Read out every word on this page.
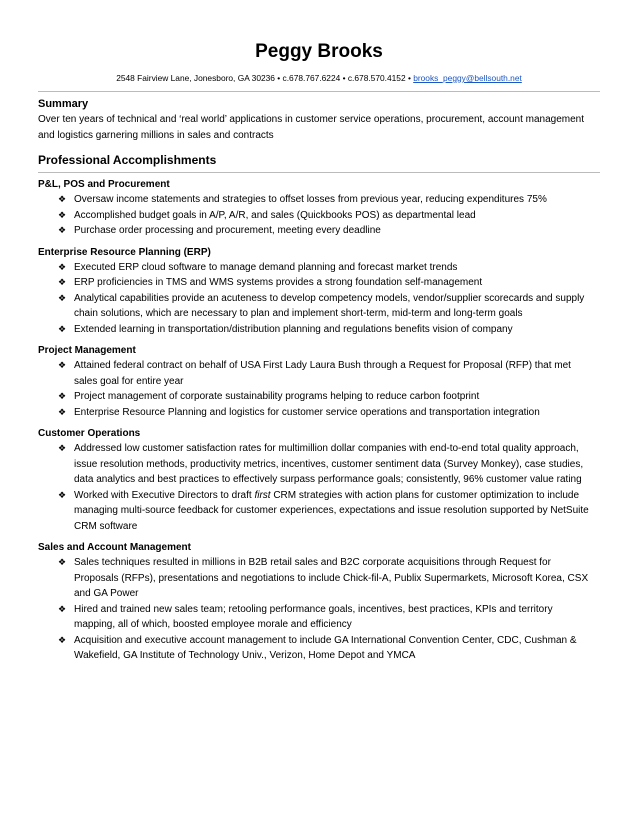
Peggy Brooks
2548 Fairview Lane, Jonesboro, GA 30236 • c.678.767.6224 • c.678.570.4152 • brooks_peggy@bellsouth.net
Summary
Over ten years of technical and ‘real world’ applications in customer service operations, procurement, account management and logistics garnering millions in sales and contracts
Professional Accomplishments
P&L, POS and Procurement
❖ Oversaw income statements and strategies to offset losses from previous year, reducing expenditures 75%
❖ Accomplished budget goals in A/P, A/R, and sales (Quickbooks POS) as departmental lead
❖ Purchase order processing and procurement, meeting every deadline
Enterprise Resource Planning (ERP)
❖ Executed ERP cloud software to manage demand planning and forecast market trends
❖ ERP proficiencies in TMS and WMS systems provides a strong foundation self-management
❖ Analytical capabilities provide an acuteness to develop competency models, vendor/supplier scorecards and supply chain solutions, which are necessary to plan and implement short-term, mid-term and long-term goals
❖ Extended learning in transportation/distribution planning and regulations benefits vision of company
Project Management
❖ Attained federal contract on behalf of USA First Lady Laura Bush through a Request for Proposal (RFP) that met sales goal for entire year
❖ Project management of corporate sustainability programs helping to reduce carbon footprint
❖ Enterprise Resource Planning and logistics for customer service operations and transportation integration
Customer Operations
❖ Addressed low customer satisfaction rates for multimillion dollar companies with end-to-end total quality approach, issue resolution methods, productivity metrics, incentives, customer sentiment data (Survey Monkey), case studies, data analytics and best practices to effectively surpass performance goals; consistently, 96% customer value rating
❖ Worked with Executive Directors to draft first CRM strategies with action plans for customer optimization to include managing multi-source feedback for customer experiences, expectations and issue resolution supported by NetSuite CRM software
Sales and Account Management
❖ Sales techniques resulted in millions in B2B retail sales and B2C corporate acquisitions through Request for Proposals (RFPs), presentations and negotiations to include Chick-fil-A, Publix Supermarkets, Microsoft Korea, CSX and GA Power
❖ Hired and trained new sales team; retooling performance goals, incentives, best practices, KPIs and territory mapping, all of which, boosted employee morale and efficiency
❖ Acquisition and executive account management to include GA International Convention Center, CDC, Cushman & Wakefield, GA Institute of Technology Univ., Verizon, Home Depot and YMCA
